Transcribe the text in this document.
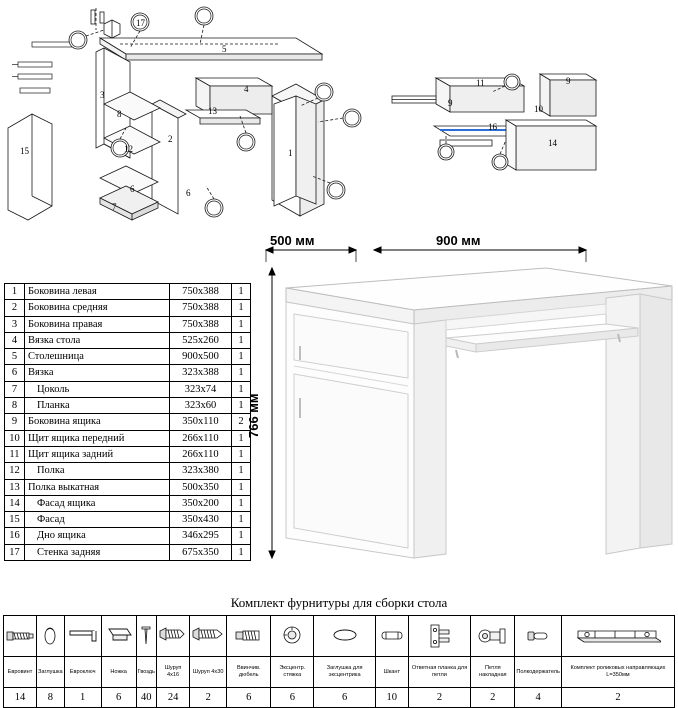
17
5
3
8
12
6
7
15
2
13
4
1
6
11
9
9
10
16
14
500 мм	900 мм
766 мм
1	Боковина левая	750х388	1
2	Боковина средняя	750х388	1
3	Боковина правая	750х388	1
4	Вязка стола	525х260	1
5	Столешница	900х500	1
6	Вязка	323х388	1
7	Цоколь	323х74	1
8	Планка	323х60	1
9	Боковина ящика	350х110	2
10	Щит ящика передний	266х110	1
11	Щит ящика задний	266х110	1
12	Полка	323х380	1
13	Полка выкатная	500х350	1
14	Фасад ящика	350х200	1
15	Фасад	350х430	1
16	Дно ящика	346х295	1
17	Стенка задняя	675х350	1
Комплект фурнитуры для сборки стола

Евровинт	Заглушка	Евроключ	Ножка	Гвоздь	Шуруп 4х16	Шуруп 4х30	Ввинчив. дюбель	Эксцентр. стяжка	Заглушка для эксцентрика	Шкант	Ответная планка для петли	Петля накладная	Полкодержатель	Комплект роликовых направляющих L=350мм
14	8	1	6	40	24	2	6	6	6	10	2	2	4	2
